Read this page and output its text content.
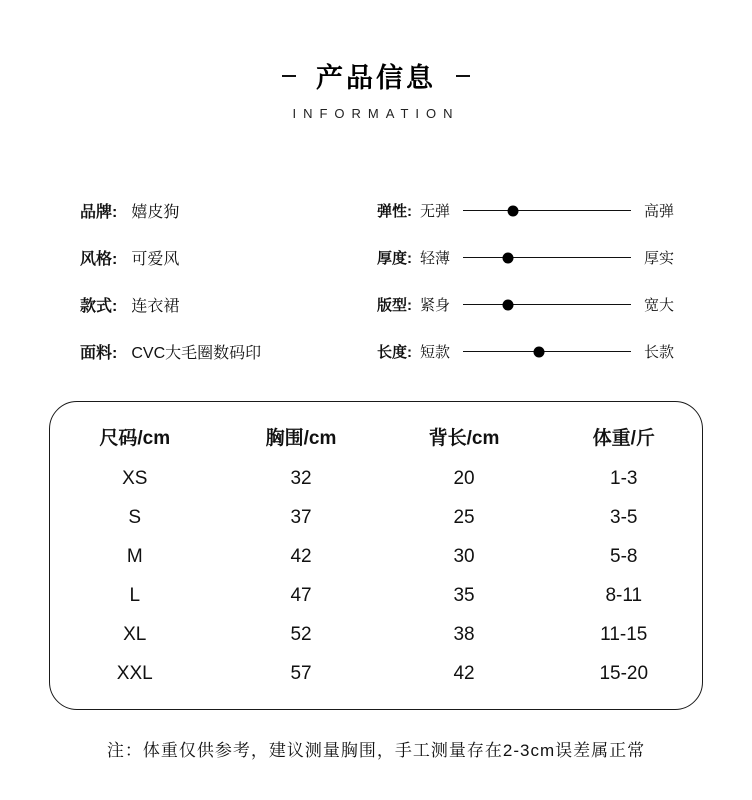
产品信息
INFORMATION
品牌: 嬉皮狗
风格: 可爱风
款式: 连衣裙
面料: CVC大毛圈数码印
弹性: 无弹	高弹
厚度: 轻薄	厚实
版型: 紧身	宽大
长度: 短款	长款
尺码/cm	胸围/cm	背长/cm	体重/斤
XS	32	20	1-3
S	37	25	3-5
M	42	30	5-8
L	47	35	8-11
XL	52	38	11-15
XXL	57	42	15-20

注：体重仅供参考，建议测量胸围，手工测量存在2-3cm误差属正常
